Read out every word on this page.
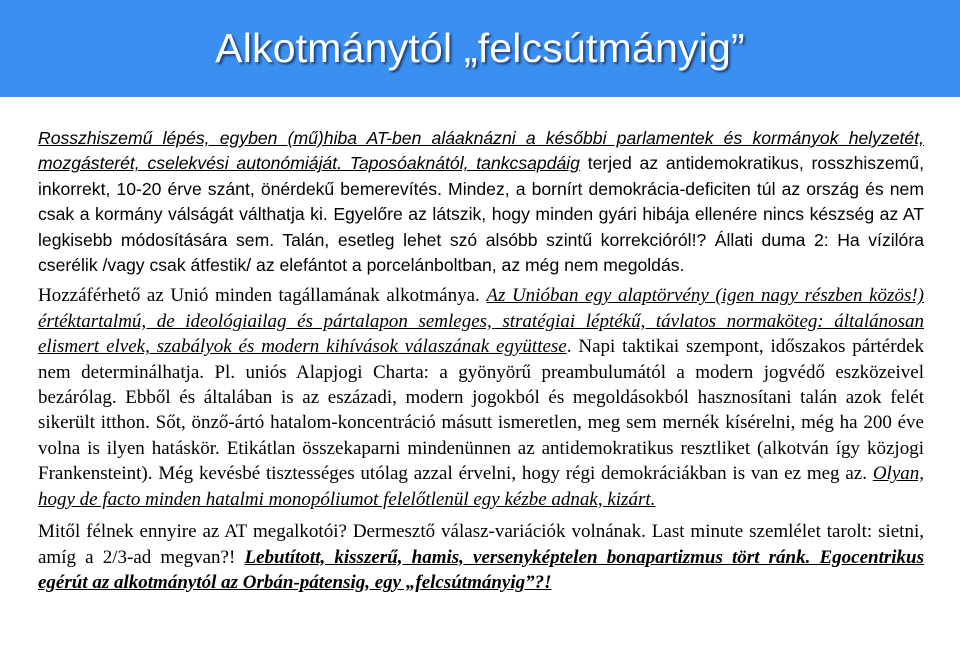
Alkotmánytól „felcsútmányig”

Rosszhiszemű lépés, egyben (mű)hiba AT-ben aláaknázni a későbbi parlamentek és kormányok helyzetét, mozgásterét, cselekvési autonómiáját. Taposóaknától, tankcsapdáig terjed az antidemokratikus, rosszhiszemű, inkorrekt, 10-20 érve szánt, önérdekű bemerevítés. Mindez, a bornírt demokrácia-deficiten túl az ország és nem csak a kormány válságát válthatja ki. Egyelőre az látszik, hogy minden gyári hibája ellenére nincs készség az AT legkisebb módosítására sem. Talán, esetleg lehet szó alsóbb szintű korrekcióról!? Állati duma 2: Ha vízilóra cserélik /vagy csak átfestik/ az elefántot a porcelánboltban, az még nem megoldás.

Hozzáférhető az Unió minden tagállamának alkotmánya. Az Unióban egy alaptörvény (igen nagy részben közös!) értéktartalmú, de ideológiailag és pártalapon semleges, stratégiai léptékű, távlatos normaköteg: általánosan elismert elvek, szabályok és modern kihívások válaszának együttese. Napi taktikai szempont, időszakos pártérdek nem determinálhatja. Pl. uniós Alapjogi Charta: a gyönyörű preambulumától a modern jogvédő eszközeivel bezárólag. Ebből és általában is az eszázadi, modern jogokból és megoldásokból hasznosítani talán azok felét sikerült itthon. Sőt, önző-ártó hatalom-koncentráció másutt ismeretlen, meg sem mernék kísérelni, még ha 200 éve volna is ilyen hatáskör. Etikátlan összekaparni mindenünnen az antidemokratikus resztliket (alkotván így közjogi Frankensteint). Még kevésbé tisztességes utólag azzal érvelni, hogy régi demokráciákban is van ez meg az. Olyan, hogy de facto minden hatalmi monopóliumot felelőtlenül egy kézbe adnak, kizárt.

Mitől félnek ennyire az AT megalkotói? Dermesztő válasz-variációk volnának. Last minute szemlélet tarolt: sietni, amíg a 2/3-ad megvan?! Lebutított, kisszerű, hamis, versenyképtelen bonapartizmus tört ránk. Egocentrikus egérút az alkotmánytól az Orbán-pátensig, egy „felcsútmányig”?!
